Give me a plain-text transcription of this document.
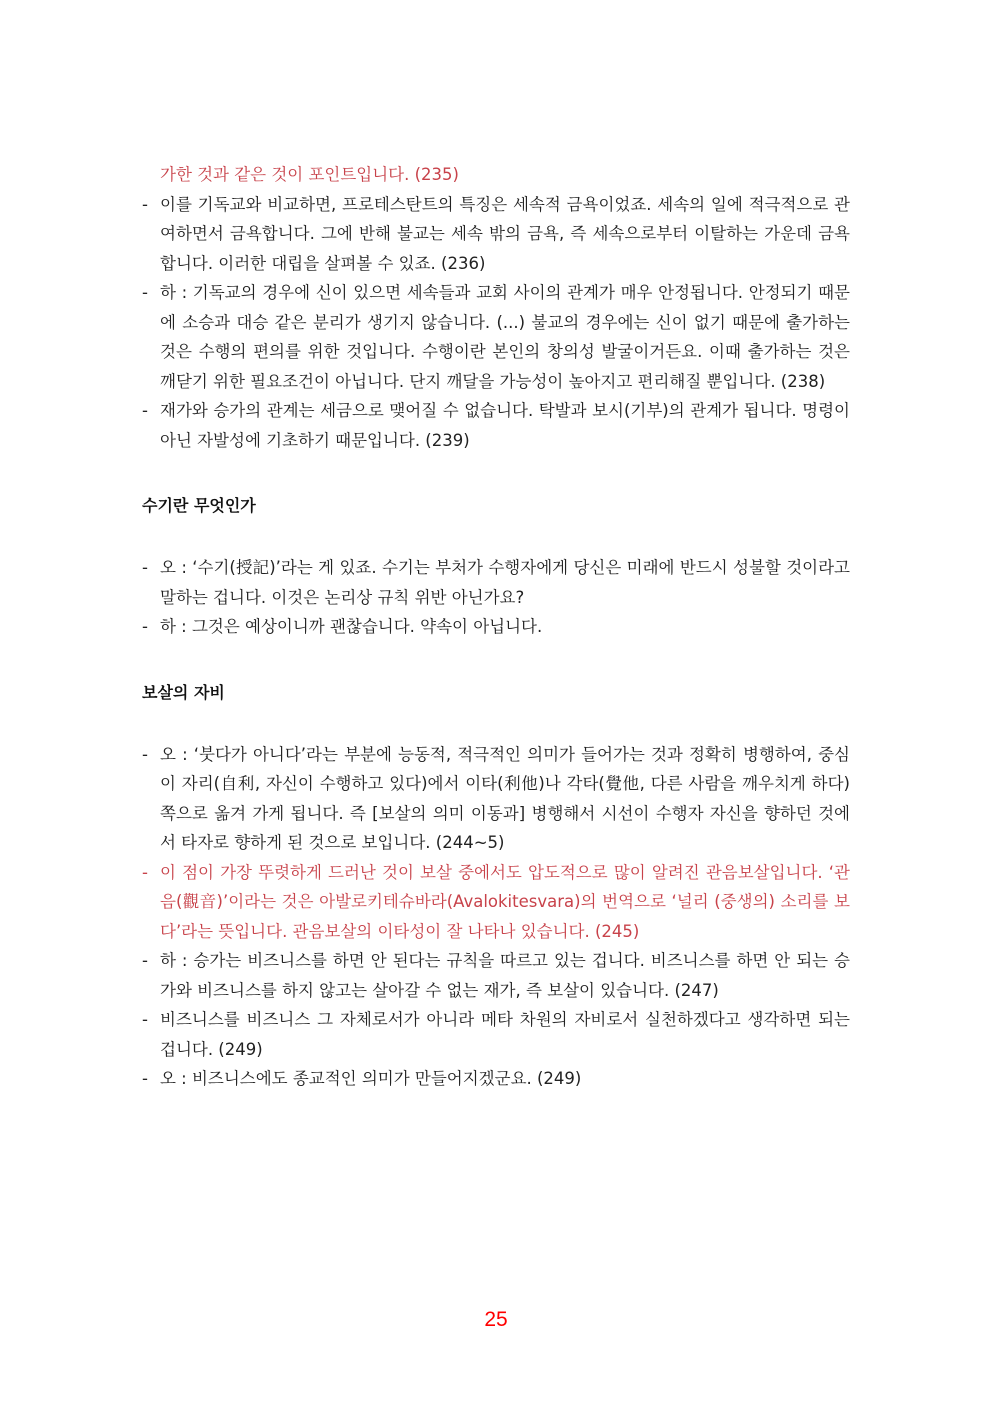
가한 것과 같은 것이 포인트입니다. (235)
- 이를 기독교와 비교하면, 프로테스탄트의 특징은 세속적 금욕이었죠. 세속의 일에 적극적으로 관여하면서 금욕합니다. 그에 반해 불교는 세속 밖의 금욕, 즉 세속으로부터 이탈하는 가운데 금욕합니다. 이러한 대립을 살펴볼 수 있죠. (236)
- 하 : 기독교의 경우에 신이 있으면 세속들과 교회 사이의 관계가 매우 안정됩니다. 안정되기 때문에 소승과 대승 같은 분리가 생기지 않습니다. (...) 불교의 경우에는 신이 없기 때문에 출가하는 것은 수행의 편의를 위한 것입니다. 수행이란 본인의 창의성 발굴이거든요. 이때 출가하는 것은 깨닫기 위한 필요조건이 아닙니다. 단지 깨달을 가능성이 높아지고 편리해질 뿐입니다. (238)
- 재가와 승가의 관계는 세금으로 맺어질 수 없습니다. 탁발과 보시(기부)의 관계가 됩니다. 명령이 아닌 자발성에 기초하기 때문입니다. (239)
수기란 무엇인가
- 오 : ‘수기(授記)’라는 게 있죠. 수기는 부처가 수행자에게 당신은 미래에 반드시 성불할 것이라고 말하는 겁니다. 이것은 논리상 규칙 위반 아닌가요?
- 하 : 그것은 예상이니까 괜찮습니다. 약속이 아닙니다.
보살의 자비
- 오 : ‘붓다가 아니다’라는 부분에 능동적, 적극적인 의미가 들어가는 것과 정확히 병행하여, 중심이 자리(自利, 자신이 수행하고 있다)에서 이타(利他)나 각타(覺他, 다른 사람을 깨우치게 하다) 쪽으로 옮겨 가게 됩니다. 즉 [보살의 의미 이동과] 병행해서 시선이 수행자 자신을 향하던 것에서 타자로 향하게 된 것으로 보입니다. (244~5)
- 이 점이 가장 뚜렷하게 드러난 것이 보살 중에서도 압도적으로 많이 알려진 관음보살입니다. ‘관음(觀音)’이라는 것은 아발로키테슈바라(Avalokitesvara)의 번역으로 ‘널리 (중생의) 소리를 보다’라는 뜻입니다. 관음보살의 이타성이 잘 나타나 있습니다. (245)
- 하 : 승가는 비즈니스를 하면 안 된다는 규칙을 따르고 있는 겁니다. 비즈니스를 하면 안 되는 승가와 비즈니스를 하지 않고는 살아갈 수 없는 재가, 즉 보살이 있습니다. (247)
- 비즈니스를 비즈니스 그 자체로서가 아니라 메타 차원의 자비로서 실천하겠다고 생각하면 되는 겁니다. (249)
- 오 : 비즈니스에도 종교적인 의미가 만들어지겠군요. (249)
25
